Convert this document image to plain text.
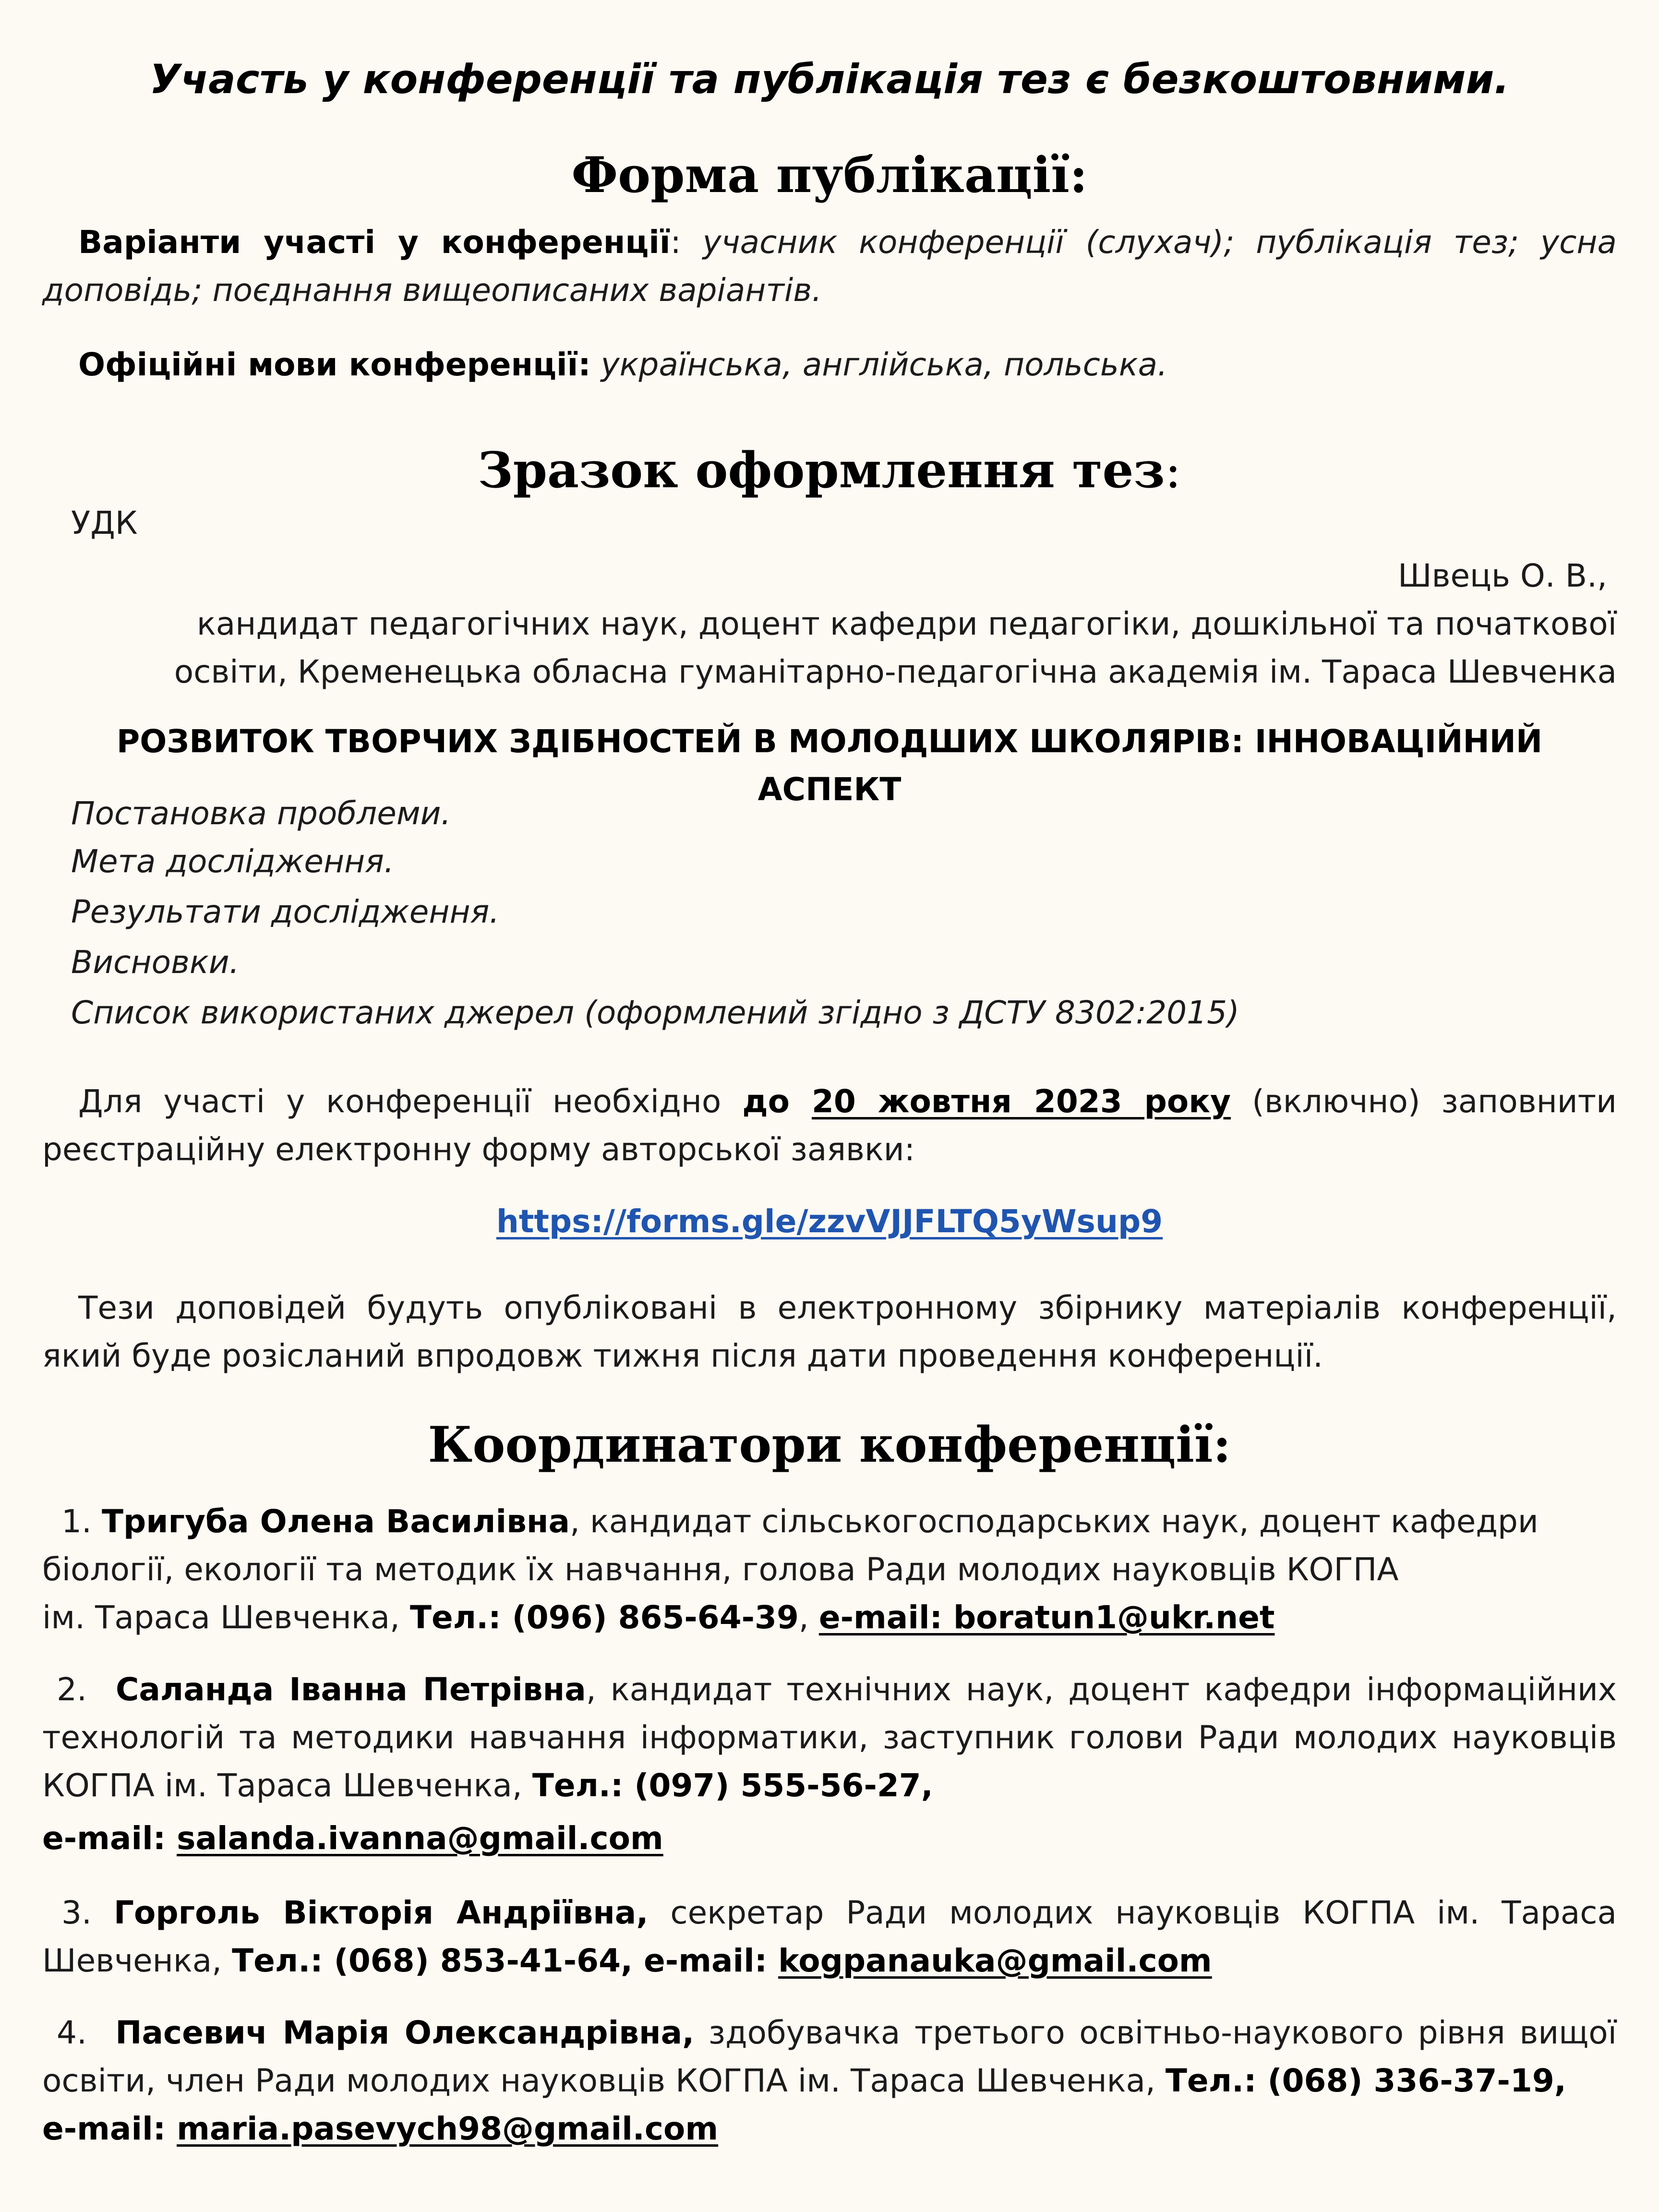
Участь у конференції та публікація тез є безкоштовними.
Форма публікації:
Варіанти участі у конференції: учасник конференції (слухач); публікація тез; усна доповідь; поєднання вищеописаних варіантів.
Офіційні мови конференції: українська, англійська, польська.
Зразок оформлення тез:
УДК
Швець О. В.,
кандидат педагогічних наук, доцент кафедри педагогіки, дошкільної та початкової
освіти, Кременецька обласна гуманітарно-педагогічна академія ім. Тараса Шевченка
РОЗВИТОК ТВОРЧИХ ЗДІБНОСТЕЙ В МОЛОДШИХ ШКОЛЯРІВ: ІННОВАЦІЙНИЙ АСПЕКТ
Постановка проблеми.
Мета дослідження.
Результати дослідження.
Висновки.
Список використаних джерел (оформлений згідно з ДСТУ 8302:2015)
Для участі у конференції необхідно до 20 жовтня 2023 року (включно) заповнити реєстраційну електронну форму авторської заявки:
https://forms.gle/zzvVJJFLTQ5yWsup9
Тези доповідей будуть опубліковані в електронному збірнику матеріалів конференції, який буде розісланий впродовж тижня після дати проведення конференції.
Координатори конференції:
1. Тригуба Олена Василівна, кандидат сільськогосподарських наук, доцент кафедри
біології, екології та методик їх навчання, голова Ради молодих науковців КОГПА
ім. Тараса Шевченка, Тел.: (096) 865-64-39, e-mail: boratun1@ukr.net
2. Саланда Іванна Петрівна, кандидат технічних наук, доцент кафедри інформаційних технологій та методики навчання інформатики, заступник голови Ради молодих науковців КОГПА ім. Тараса Шевченка, Тел.: (097) 555-56-27,
e-mail: salanda.ivanna@gmail.com
3. Горголь Вікторія Андріївна, секретар Ради молодих науковців КОГПА ім. Тараса Шевченка, Тел.: (068) 853-41-64, e-mail: kogpanauka@gmail.com
4. Пасевич Марія Олександрівна, здобувачка третього освітньо-наукового рівня вищої освіти, член Ради молодих науковців КОГПА ім. Тараса Шевченка, Тел.: (068) 336-37-19,
e-mail: maria.pasevych98@gmail.com
